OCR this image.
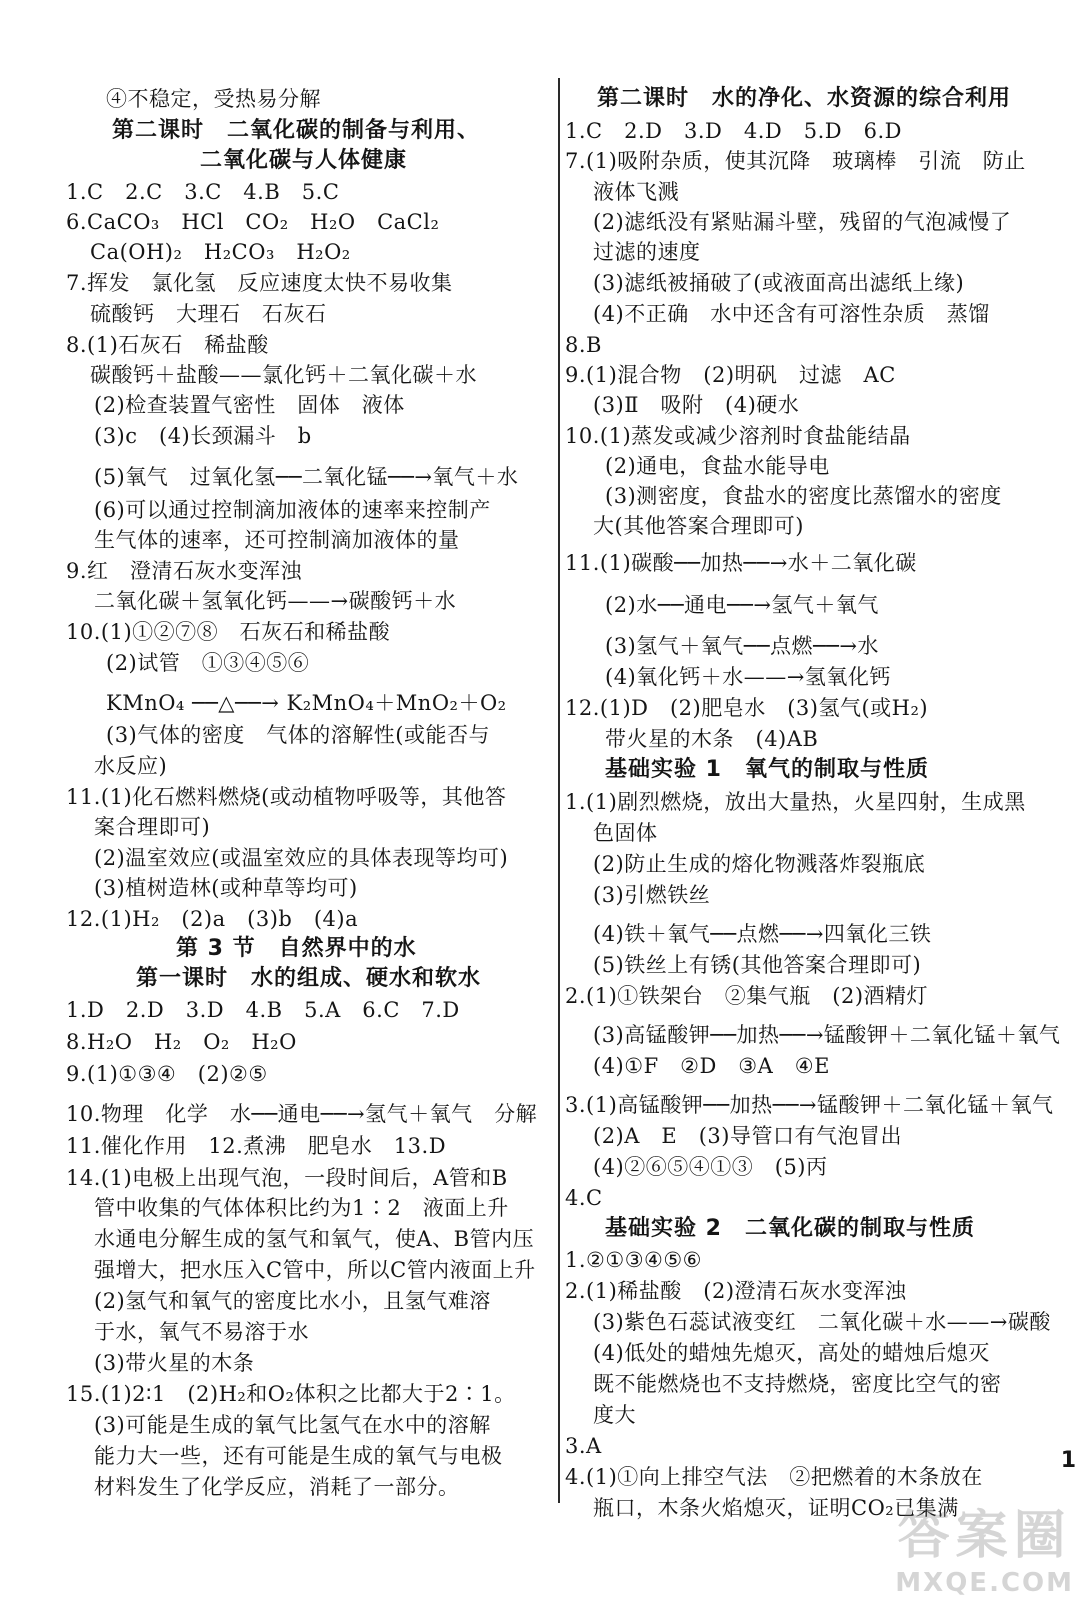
④不稳定，受热易分解
第二课时　二氧化碳的制备与利用、
二氧化碳与人体健康
1.C　2.C　3.C　4.B　5.C
6.CaCO₃　HCl　CO₂　H₂O　CaCl₂
Ca(OH)₂　H₂CO₃　H₂O₂
7.挥发　氯化氢　反应速度太快不易收集
硫酸钙　大理石　石灰石
8.(1)石灰石　稀盐酸
碳酸钙＋盐酸——氯化钙＋二氧化碳＋水
(2)检查装置气密性　固体　液体
(3)c　(4)长颈漏斗　b
(5)氧气　过氧化氢──二氧化锰──→氧气＋水
(6)可以通过控制滴加液体的速率来控制产
生气体的速率，还可控制滴加液体的量
9.红　澄清石灰水变浑浊
二氧化碳＋氢氧化钙——→碳酸钙＋水
10.(1)①②⑦⑧　石灰石和稀盐酸
(2)试管　①③④⑤⑥
KMnO₄ ──△──→ K₂MnO₄＋MnO₂＋O₂
(3)气体的密度　气体的溶解性(或能否与
水反应)
11.(1)化石燃料燃烧(或动植物呼吸等，其他答
案合理即可)
(2)温室效应(或温室效应的具体表现等均可)
(3)植树造林(或种草等均可)
12.(1)H₂　(2)a　(3)b　(4)a
第 3 节　自然界中的水
第一课时　水的组成、硬水和软水
1.D　2.D　3.D　4.B　5.A　6.C　7.D
8.H₂O　H₂　O₂　H₂O
9.(1)①③④　(2)②⑤
10.物理　化学　水──通电──→氢气＋氧气　分解
11.催化作用　12.煮沸　肥皂水　13.D
14.(1)电极上出现气泡，一段时间后，A管和B
管中收集的气体体积比约为1∶2　液面上升
水通电分解生成的氢气和氧气，使A、B管内压
强增大，把水压入C管中，所以C管内液面上升
(2)氢气和氧气的密度比水小，且氢气难溶
于水，氧气不易溶于水
(3)带火星的木条
15.(1)2∶1　(2)H₂和O₂体积之比都大于2∶1。
(3)可能是生成的氧气比氢气在水中的溶解
能力大一些，还有可能是生成的氧气与电极
材料发生了化学反应，消耗了一部分。
第二课时　水的净化、水资源的综合利用
1.C　2.D　3.D　4.D　5.D　6.D
7.(1)吸附杂质，使其沉降　玻璃棒　引流　防止
液体飞溅
(2)滤纸没有紧贴漏斗壁，残留的气泡减慢了
过滤的速度
(3)滤纸被捅破了(或液面高出滤纸上缘)
(4)不正确　水中还含有可溶性杂质　蒸馏
8.B
9.(1)混合物　(2)明矾　过滤　AC
(3)Ⅱ　吸附　(4)硬水
10.(1)蒸发或减少溶剂时食盐能结晶
(2)通电，食盐水能导电
(3)测密度，食盐水的密度比蒸馏水的密度
大(其他答案合理即可)
11.(1)碳酸──加热──→水＋二氧化碳
(2)水──通电──→氢气＋氧气
(3)氢气＋氧气──点燃──→水
(4)氧化钙＋水——→氢氧化钙
12.(1)D　(2)肥皂水　(3)氢气(或H₂)
带火星的木条　(4)AB
基础实验 1　氧气的制取与性质
1.(1)剧烈燃烧，放出大量热，火星四射，生成黑
色固体
(2)防止生成的熔化物溅落炸裂瓶底
(3)引燃铁丝
(4)铁＋氧气──点燃──→四氧化三铁
(5)铁丝上有锈(其他答案合理即可)
2.(1)①铁架台　②集气瓶　(2)酒精灯
(3)高锰酸钾──加热──→锰酸钾＋二氧化锰＋氧气
(4)①F　②D　③A　④E
3.(1)高锰酸钾──加热──→锰酸钾＋二氧化锰＋氧气
(2)A　E　(3)导管口有气泡冒出
(4)②⑥⑤④①③　(5)丙
4.C
基础实验 2　二氧化碳的制取与性质
1.②①③④⑤⑥
2.(1)稀盐酸　(2)澄清石灰水变浑浊
(3)紫色石蕊试液变红　二氧化碳＋水——→碳酸
(4)低处的蜡烛先熄灭，高处的蜡烛后熄灭
既不能燃烧也不支持燃烧，密度比空气的密
度大
3.A
4.(1)①向上排空气法　②把燃着的木条放在
瓶口，木条火焰熄灭，证明CO₂已集满
1
答案圈
MXQE.COM
